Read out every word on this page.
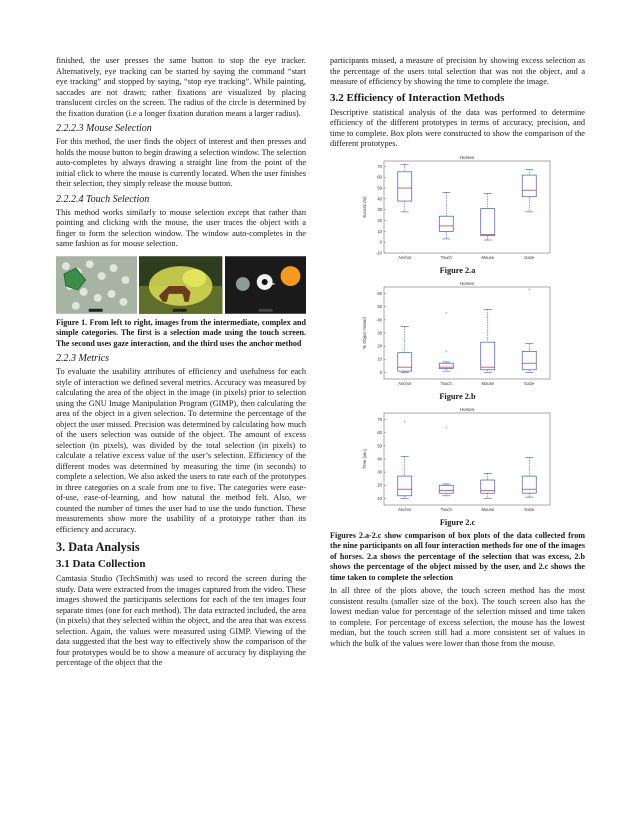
finished, the user presses the same button to stop the eye tracker. Alternatively, eye tracking can be started by saying the command “start eye tracking” and stopped by saying, “stop eye tracking”. While painting, saccades are not drawn; rather fixations are visualized by placing translucent circles on the screen. The radius of the circle is determined by the fixation duration (i.e a longer fixation duration means a larger radius).

2.2.2.3 Mouse Selection

For this method, the user finds the object of interest and then presses and holds the mouse button to begin drawing a selection window. The selection auto-completes by always drawing a straight line from the point of the initial click to where the mouse is currently located. When the user finishes their selection, they simply release the mouse button.

2.2.2.4 Touch Selection

This method works similarly to mouse selection except that rather than pointing and clicking with the mouse, the user traces the object with a finger to form the selection window. The window auto-completes in the same fashion as for mouse selection.

Figure 1. From left to right, images from the intermediate, complex and simple categories. The first is a selection made using the touch screen. The second uses gaze interaction, and the third uses the anchor method
2.2.3 Metrics

To evaluate the usability attributes of efficiency and usefulness for each style of interaction we defined several metrics. Accuracy was measured by calculating the area of the object in the image (in pixels) prior to selection using the GNU Image Manipulation Program (GIMP), then calculating the area of the object in a given selection. To determine the percentage of the object the user missed. Precision was determined by calculating how much of the users selection was outside of the object. The amount of excess selection (in pixels), was divided by the total selection (in pixels) to calculate a relative excess value of the user’s selection. Efficiency of the different modes was determined by measuring the time (in seconds) to complete a selection. We also asked the users to rate each of the prototypes in three categories on a scale from one to five. The categories were ease-of-use, ease-of-learning, and how natural the method felt. Also, we counted the number of times the user had to use the undo function. These measurements show more the usability of a prototype rather than its efficiency and accuracy.

3. Data Analysis
3.1 Data Collection

Camtasia Studio (TechSmith) was used to record the screen during the study. Data were extracted from the images captured from the video. These images showed the participants selections for each of the ten images four separate times (one for each method). The data extracted included, the area (in pixels) that they selected within the object, and the area that was excess selection. Again, the values were measured using GIMP. Viewing of the data suggested that the best way to effectively show the comparison of the four prototypes would be to show a measure of accuracy by displaying the percentage of the object that the

participants missed, a measure of precision by showing excess selection as the percentage of the users total selection that was not the object, and a measure of efficiency by showing the time to complete the image.

3.2 Efficiency of Interaction Methods

Descriptive statistical analysis of the data was performed to determine efficiency of the different prototypes in terms of accuracy, precision, and time to complete. Box plots were constructed to show the comparison of the different prototypes.

Horses
Excess (%)
-10
0
10
20
30
40
50
60
70
Anchor	Touch	Mouse	Gaze
Figure 2.a
Horses
% Object missed
0
10
20
30
40
50
60
Anchor	Touch
+
+
Mouse	Gaze
+
Figure 2.b
Horses
Time (sec)
10
20
30
40
50
60
70
Anchor
+
Touch
+
Mouse	Gaze
Figure 2.c
Figures 2.a-2.c show comparison of box plots of the data collected from the nine participants on all four interaction methods for one of the images of horses. 2.a shows the percentage of the selection that was excess, 2.b shows the percentage of the object missed by the user, and 2.c shows the time taken to complete the selection

In all three of the plots above, the touch screen method has the most consistent results (smaller size of the box). The touch screen also has the lowest median value for percentage of the selection missed and time taken to complete. For percentage of excess selection, the mouse has the lowest median, but the touch screen still had a more consistent set of values in which the bulk of the values were lower than those from the mouse.
